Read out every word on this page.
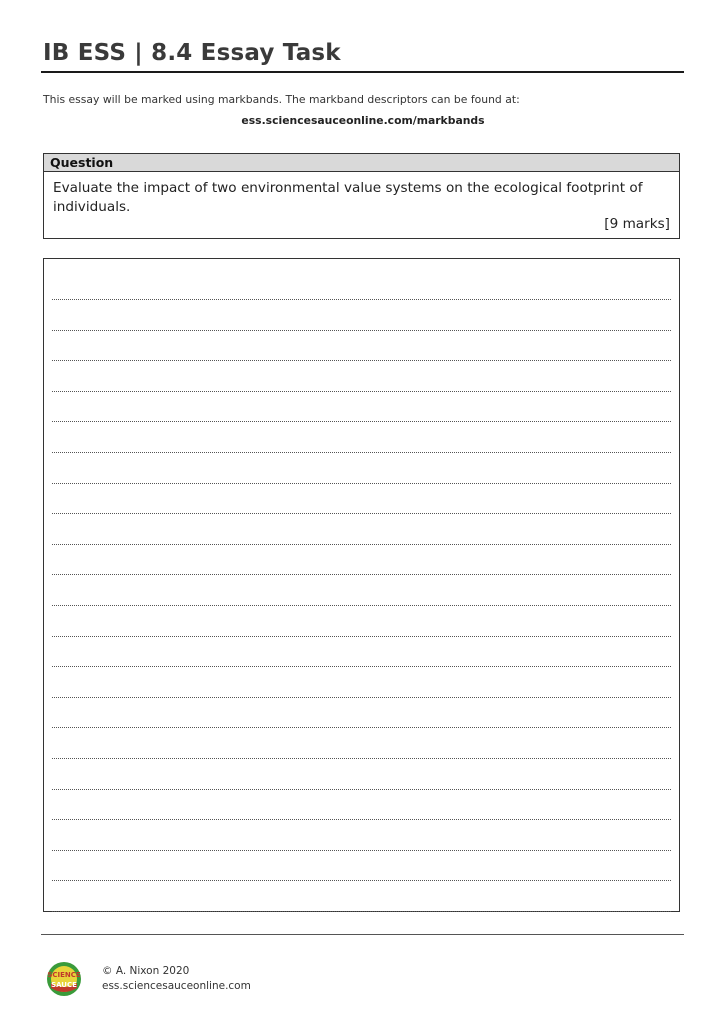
IB ESS | 8.4 Essay Task
This essay will be marked using markbands. The markband descriptors can be found at:
ess.sciencesauceonline.com/markbands
Question
Evaluate the impact of two environmental value systems on the ecological footprint of individuals.
[9 marks]
SCIENCE
SAUCE
© A. Nixon 2020
ess.sciencesauceonline.com
